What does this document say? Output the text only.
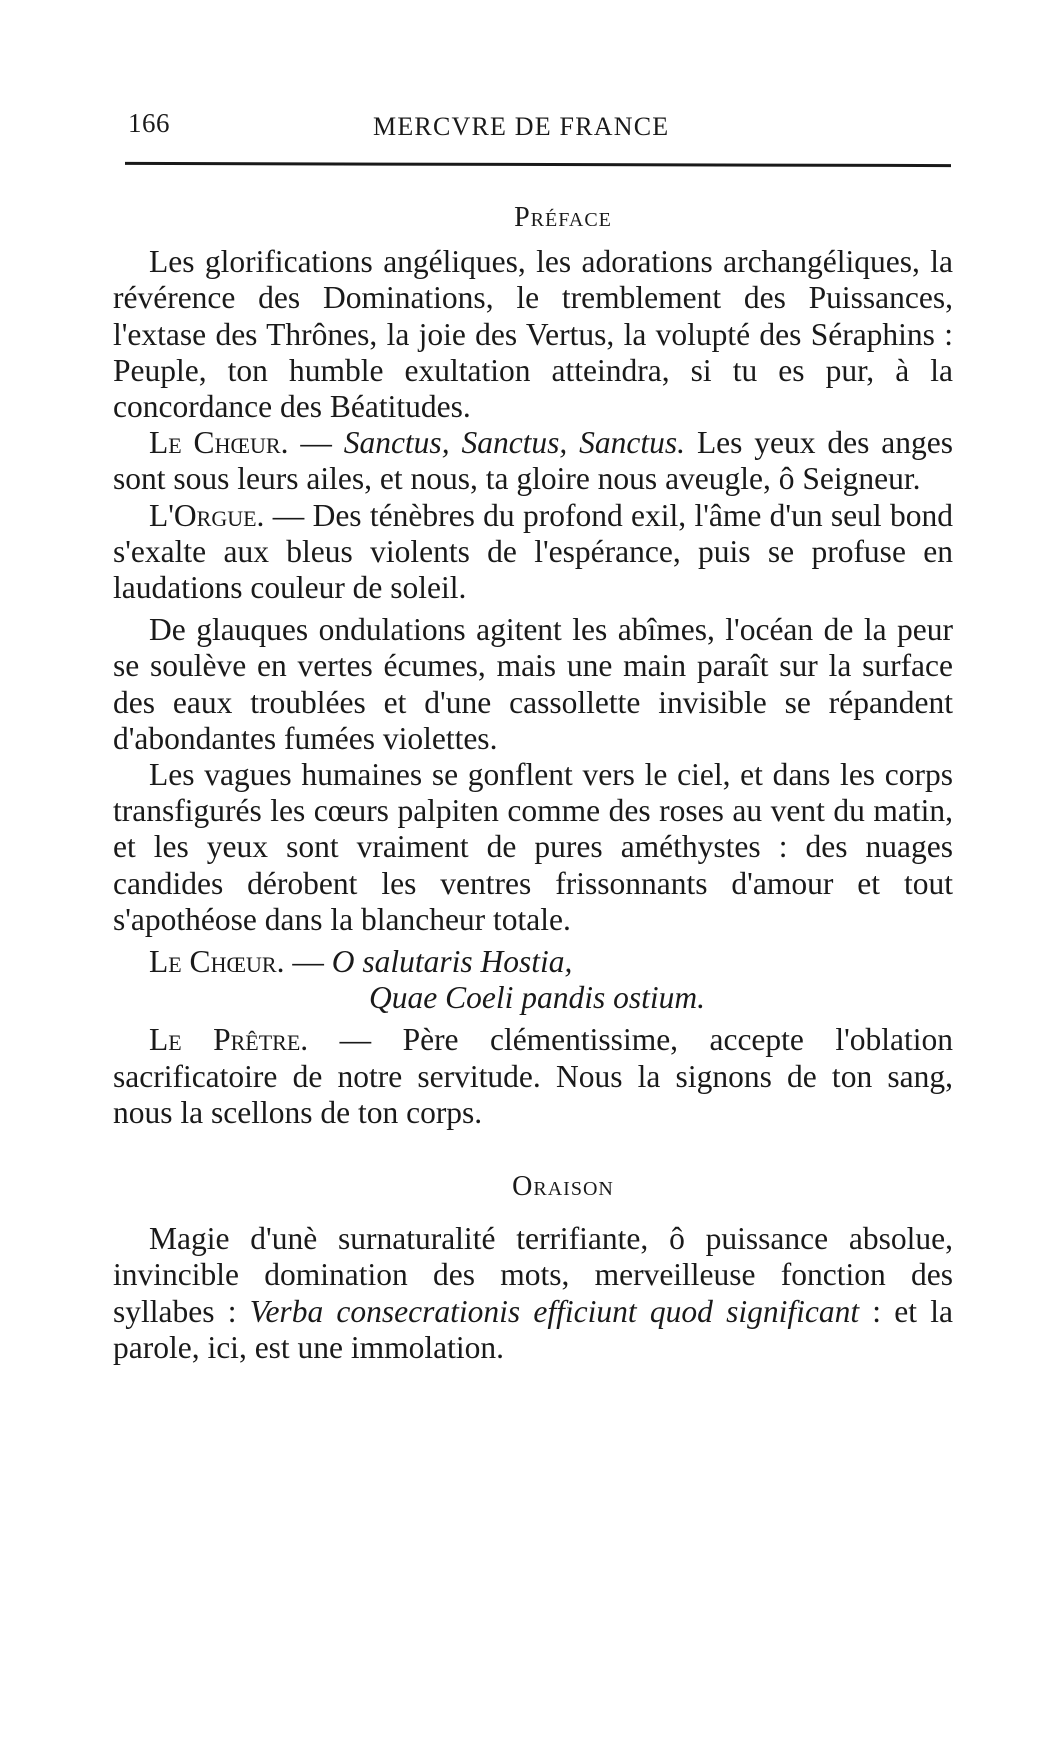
166	MERCVRE DE FRANCE
Préface

Les glorifications angéliques, les adorations archangéliques, la révérence des Dominations, le tremblement des Puissances, l'extase des Thrônes, la joie des Vertus, la volupté des Séraphins : Peuple, ton humble exultation atteindra, si tu es pur, à la concordance des Béatitudes.

Le Chœur. — Sanctus, Sanctus, Sanctus. Les yeux des anges sont sous leurs ailes, et nous, ta gloire nous aveugle, ô Seigneur.

L'Orgue. — Des ténèbres du profond exil, l'âme d'un seul bond s'exalte aux bleus violents de l'espérance, puis se profuse en laudations couleur de soleil.

De glauques ondulations agitent les abîmes, l'océan de la peur se soulève en vertes écumes, mais une main paraît sur la surface des eaux troublées et d'une cassollette invisible se répandent d'abondantes fumées violettes.

Les vagues humaines se gonflent vers le ciel, et dans les corps transfigurés les cœurs palpiten comme des roses au vent du matin, et les yeux sont vraiment de pures améthystes : des nuages candides dérobent les ventres frissonnants d'amour et tout s'apothéose dans la blancheur totale.

Le Chœur. — O salutaris Hostia,
Quae Coeli pandis ostium.

Le Prêtre. — Père clémentissime, accepte l'oblation sacrificatoire de notre servitude. Nous la signons de ton sang, nous la scellons de ton corps.

Oraison

Magie d'unè surnaturalité terrifiante, ô puissance absolue, invincible domination des mots, merveilleuse fonction des syllabes : Verba consecrationis efficiunt quod significant : et la parole, ici, est une immolation.
